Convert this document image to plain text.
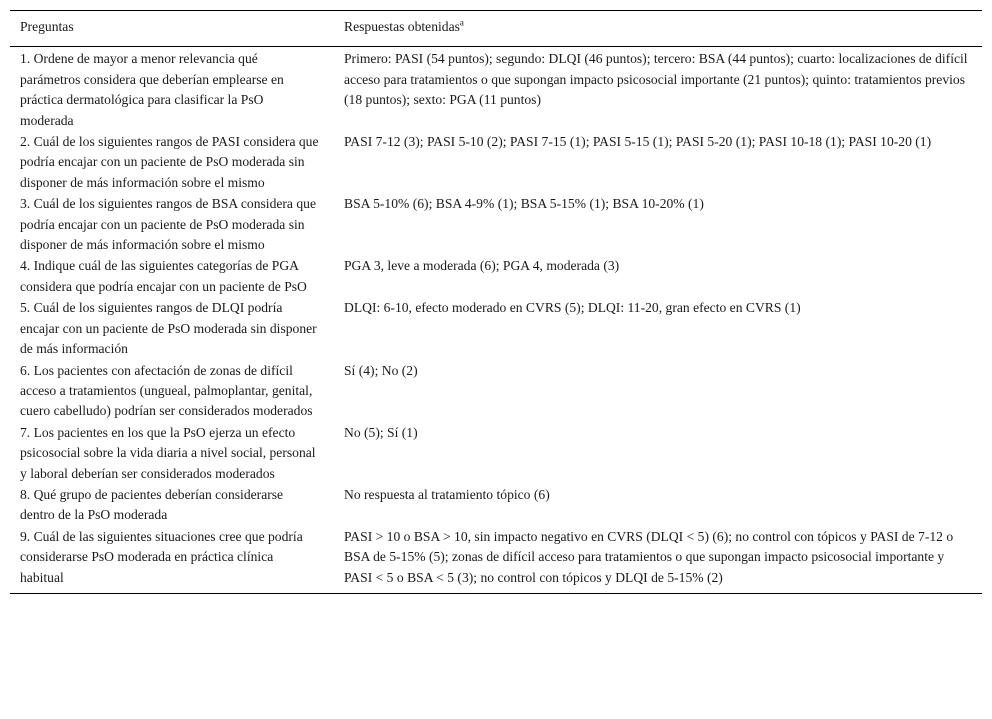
Preguntas	Respuestas obtenidas$^a$
1. Ordene de mayor a menor relevancia qué parámetros considera que deberían emplearse en práctica dermatológica para clasificar la PsO moderada	Primero: PASI (54 puntos); segundo: DLQI (46 puntos); tercero: BSA (44 puntos); cuarto: localizaciones de difícil acceso para tratamientos o que supongan impacto psicosocial importante (21 puntos); quinto: tratamientos previos (18 puntos); sexto: PGA (11 puntos)
2. Cuál de los siguientes rangos de PASI considera que podría encajar con un paciente de PsO moderada sin disponer de más información sobre el mismo	PASI 7-12 (3); PASI 5-10 (2); PASI 7-15 (1); PASI 5-15 (1); PASI 5-20 (1); PASI 10-18 (1); PASI 10-20 (1)
3. Cuál de los siguientes rangos de BSA considera que podría encajar con un paciente de PsO moderada sin disponer de más información sobre el mismo	BSA 5-10% (6); BSA 4-9% (1); BSA 5-15% (1); BSA 10-20% (1)
4. Indique cuál de las siguientes categorías de PGA considera que podría encajar con un paciente de PsO	PGA 3, leve a moderada (6); PGA 4, moderada (3)
5. Cuál de los siguientes rangos de DLQI podría encajar con un paciente de PsO moderada sin disponer de más información	DLQI: 6-10, efecto moderado en CVRS (5); DLQI: 11-20, gran efecto en CVRS (1)
6. Los pacientes con afectación de zonas de difícil acceso a tratamientos (ungueal, palmoplantar, genital, cuero cabelludo) podrían ser considerados moderados	Sí (4); No (2)
7. Los pacientes en los que la PsO ejerza un efecto psicosocial sobre la vida diaria a nivel social, personal y laboral deberían ser considerados moderados	No (5); Sí (1)
8. Qué grupo de pacientes deberían considerarse dentro de la PsO moderada	No respuesta al tratamiento tópico (6)
9. Cuál de las siguientes situaciones cree que podría considerarse PsO moderada en práctica clínica habitual	PASI > 10 o BSA > 10, sin impacto negativo en CVRS (DLQI < 5) (6); no control con tópicos y PASI de 7-12 o BSA de 5-15% (5); zonas de difícil acceso para tratamientos o que supongan impacto psicosocial importante y PASI < 5 o BSA < 5 (3); no control con tópicos y DLQI de 5-15% (2)
